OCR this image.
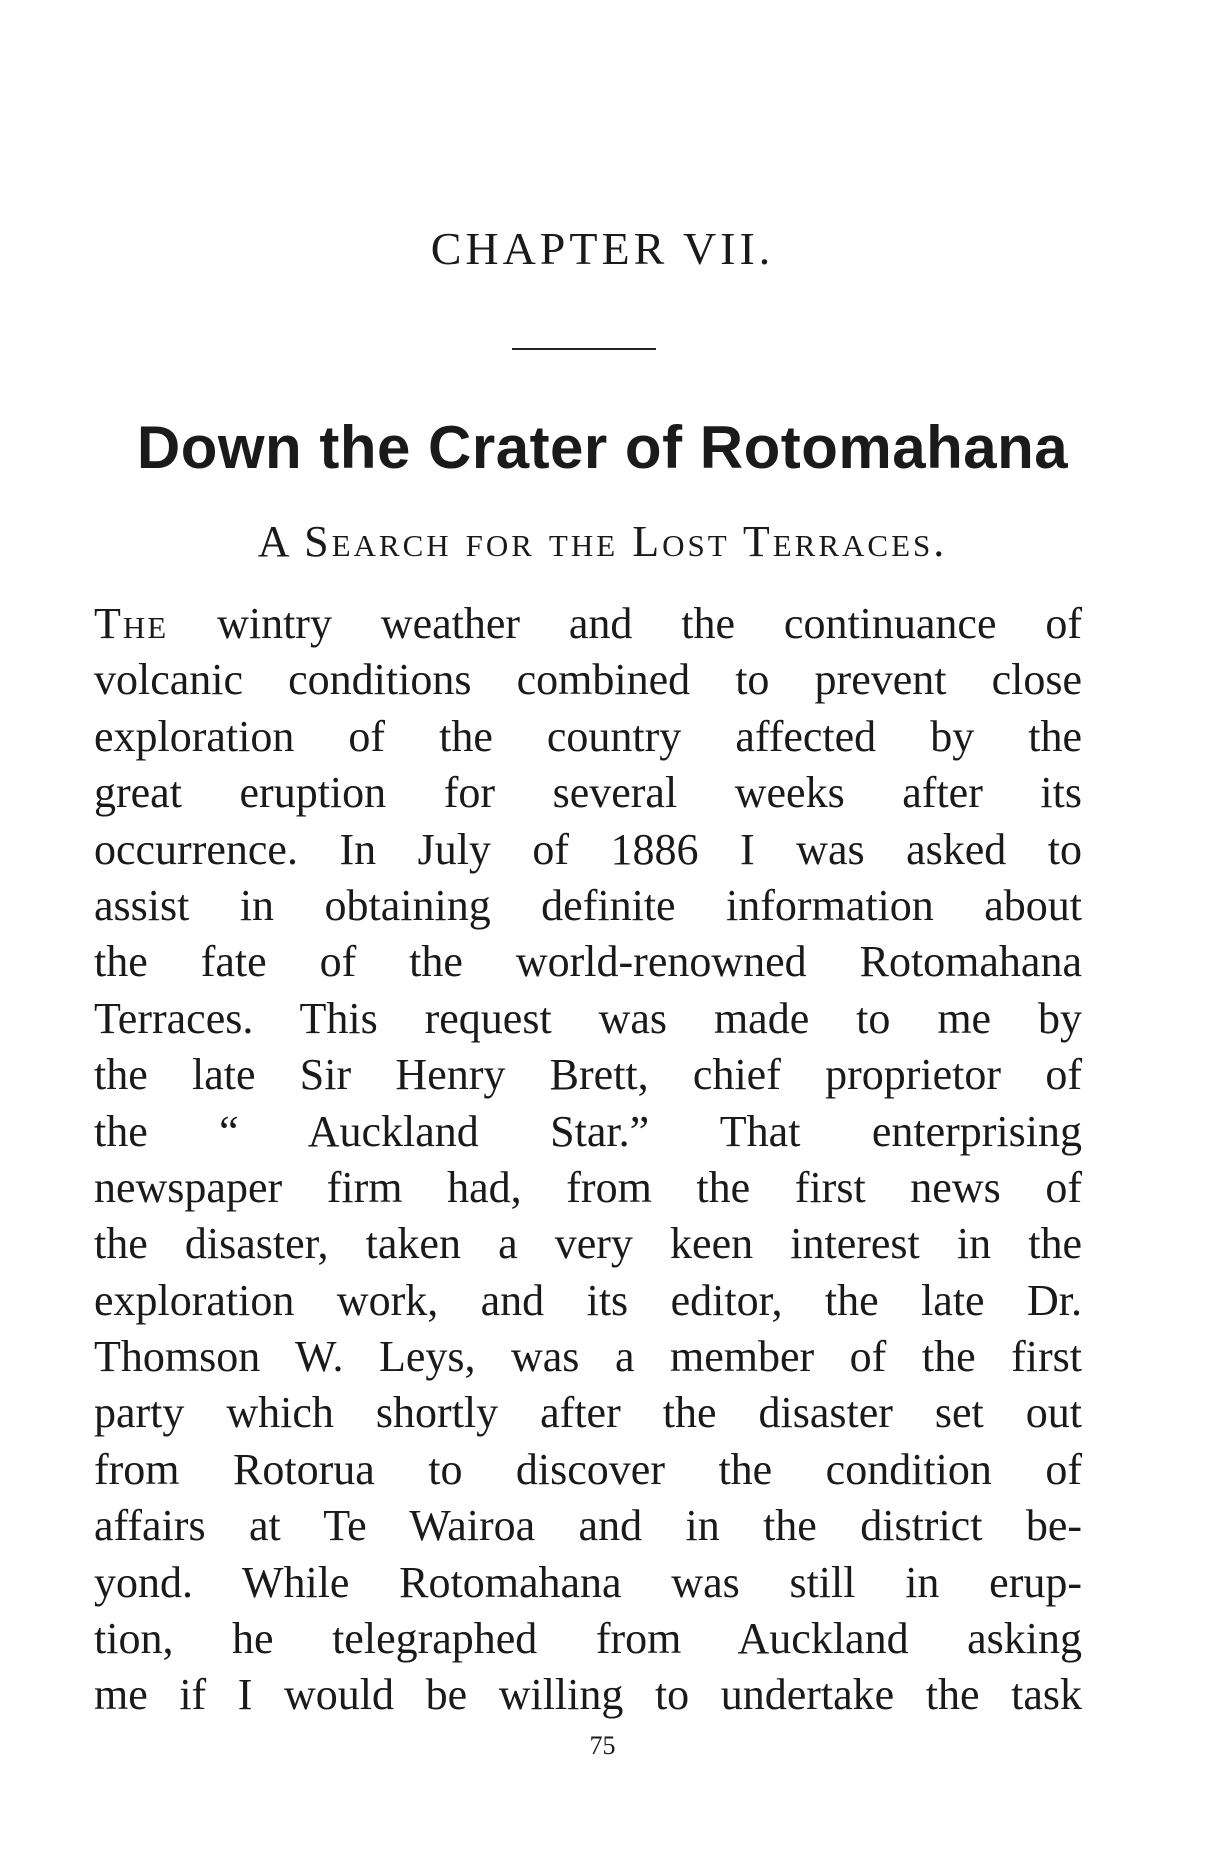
CHAPTER VII.
Down the Crater of Rotomahana
A Search for the Lost Terraces.
The wintry weather and the continuance of
volcanic conditions combined to prevent close
exploration of the country affected by the
great eruption for several weeks after its
occurrence. In July of 1886 I was asked to
assist in obtaining definite information about
the fate of the world-renowned Rotomahana
Terraces. This request was made to me by
the late Sir Henry Brett, chief proprietor of
the “ Auckland Star.” That enterprising
newspaper firm had, from the first news of
the disaster, taken a very keen interest in the
exploration work, and its editor, the late Dr.
Thomson W. Leys, was a member of the first
party which shortly after the disaster set out
from Rotorua to discover the condition of
affairs at Te Wairoa and in the district be-
yond. While Rotomahana was still in erup-
tion, he telegraphed from Auckland asking
me if I would be willing to undertake the task
75
